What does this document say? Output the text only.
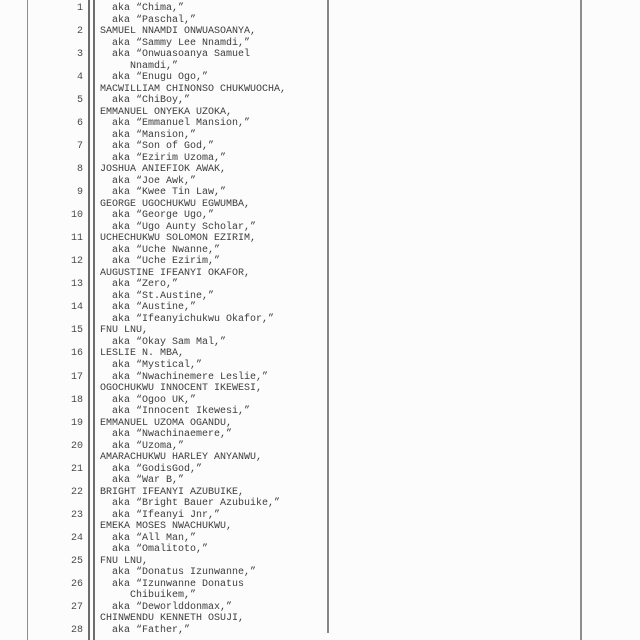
1 aka “Chima,”
aka “Paschal,”
2 SAMUEL NNAMDI ONWUASOANYA,
aka “Sammy Lee Nnamdi,”
3 aka “Onwuasoanya Samuel
Nnamdi,”
4 aka “Enugu Ogo,”
MACWILLIAM CHINONSO CHUKWUOCHA,
5 aka “ChiBoy,”
EMMANUEL ONYEKA UZOKA,
6 aka “Emmanuel Mansion,”
aka “Mansion,”
7 aka “Son of God,”
aka “Ezirim Uzoma,”
8 JOSHUA ANIEFIOK AWAK,
aka “Joe Awk,”
9 aka “Kwee Tin Law,”
GEORGE UGOCHUKWU EGWUMBA,
10 aka “George Ugo,”
aka “Ugo Aunty Scholar,”
11 UCHECHUKWU SOLOMON EZIRIM,
aka “Uche Nwanne,”
12 aka “Uche Ezirim,”
AUGUSTINE IFEANYI OKAFOR,
13 aka “Zero,”
aka “St.Austine,”
14 aka “Austine,”
aka “Ifeanyichukwu Okafor,”
15 FNU LNU,
aka “Okay Sam Mal,”
16 LESLIE N. MBA,
aka “Mystical,”
17 aka “Nwachinemere Leslie,”
OGOCHUKWU INNOCENT IKEWESI,
18 aka “Ogoo UK,”
aka “Innocent Ikewesi,”
19 EMMANUEL UZOMA OGANDU,
aka “Nwachinaemere,”
20 aka “Uzoma,”
AMARACHUKWU HARLEY ANYANWU,
21 aka “GodisGod,”
aka “War B,”
22 BRIGHT IFEANYI AZUBUIKE,
aka “Bright Bauer Azubuike,”
23 aka “Ifeanyi Jnr,”
EMEKA MOSES NWACHUKWU,
24 aka “All Man,”
aka “Omalitoto,”
25 FNU LNU,
aka “Donatus Izunwanne,”
26 aka “Izunwanne Donatus
Chibuikem,”
27 aka “Deworlddonmax,”
CHINWENDU KENNETH OSUJI,
28 aka “Father,”
